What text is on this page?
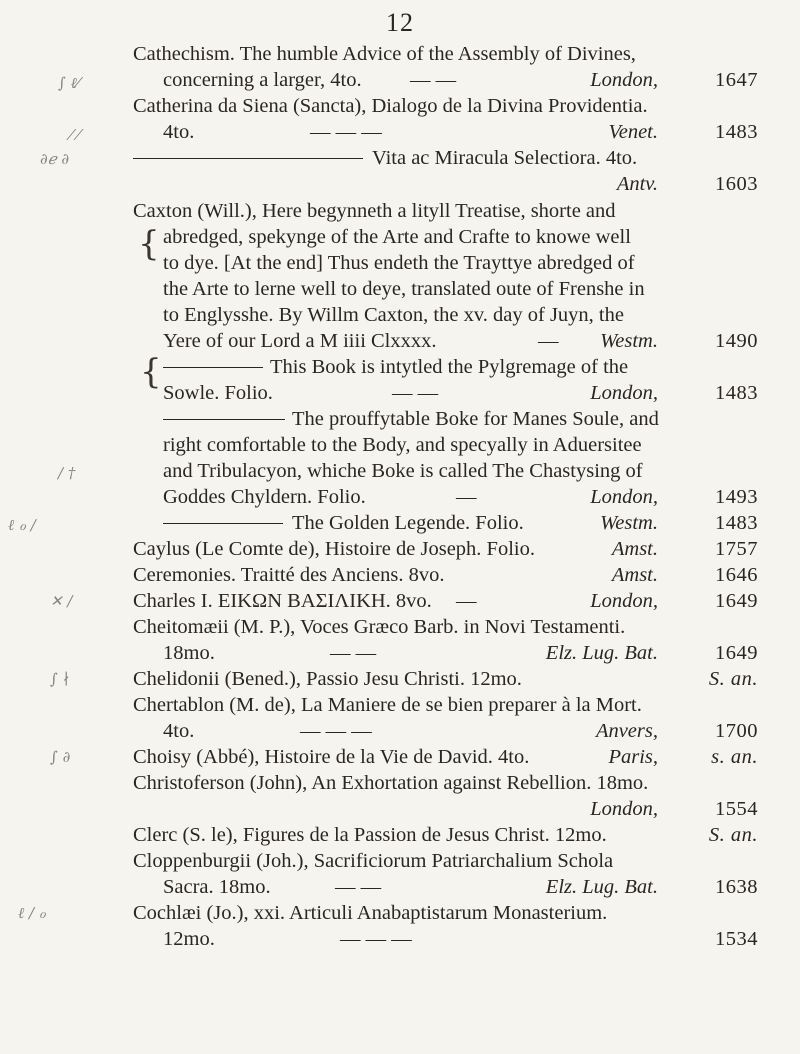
12
Cathechism. The humble Advice of the Assembly of Divines,
concerning a larger, 4to. — —	London,	1647
Catherina da Siena (Sancta), Dialogo de la Divina Providentia.
4to.	— — —	Venet.	1483
Vita ac Miracula Selectiora. 4to.
Antv.	1603
Caxton (Will.), Here begynneth a lityll Treatise, shorte and
{ abredged, spekynge of the Arte and Crafte to knowe well
to dye. [At the end] Thus endeth the Trayttye abredged of
the Arte to lerne well to deye, translated oute of Frenshe in
to Englysshe. By Willm Caxton, the xv. day of Juyn, the
Yere of our Lord a M iiii Clxxxx.	—	Westm.	1490
{	This Book is intytled the Pylgremage of the
Sowle. Folio.	— —	London,	1483
The prouffytable Boke for Manes Soule, and
right comfortable to the Body, and specyally in Aduersitee
and Tribulacyon, whiche Boke is called The Chastysing of
Goddes Chyldern. Folio.	—	London,	1493
The Golden Legende. Folio.	Westm.	1483
Caylus (Le Comte de), Histoire de Joseph. Folio.	Amst.	1757
Ceremonies. Traitté des Anciens. 8vo.	Amst.	1646
Charles I. ΕΙΚΩΝ ΒΑΣΙΛΙΚΗ. 8vo. —	London,	1649
Cheitomæii (M. P.), Voces Græco Barb. in Novi Testamenti.
18mo.	— —	Elz. Lug. Bat.	1649
Chelidonii (Bened.), Passio Jesu Christi. 12mo.	S. an.
Chertablon (M. de), La Maniere de se bien preparer à la Mort.
4to.	— — —	Anvers,	1700
Choisy (Abbé), Histoire de la Vie de David. 4to.	Paris,	s. an.
Christoferson (John), An Exhortation against Rebellion. 18mo.
London,	1554
Clerc (S. le), Figures de la Passion de Jesus Christ. 12mo.	S. an.
Cloppenburgii (Joh.), Sacrificiorum Patriarchalium Schola
Sacra. 18mo.	— —	Elz. Lug. Bat.	1638
Cochlæi (Jo.), xxi. Articuli Anabaptistarum Monasterium.
12mo.	— — —	1534
∫ ℓ⁄
⁄ ⁄
∂ℯ ∂
∕ †
ℓ ℴ ∕
✕ ∕
∫ ∤
∫ ∂
ℓ ∕ ℴ
